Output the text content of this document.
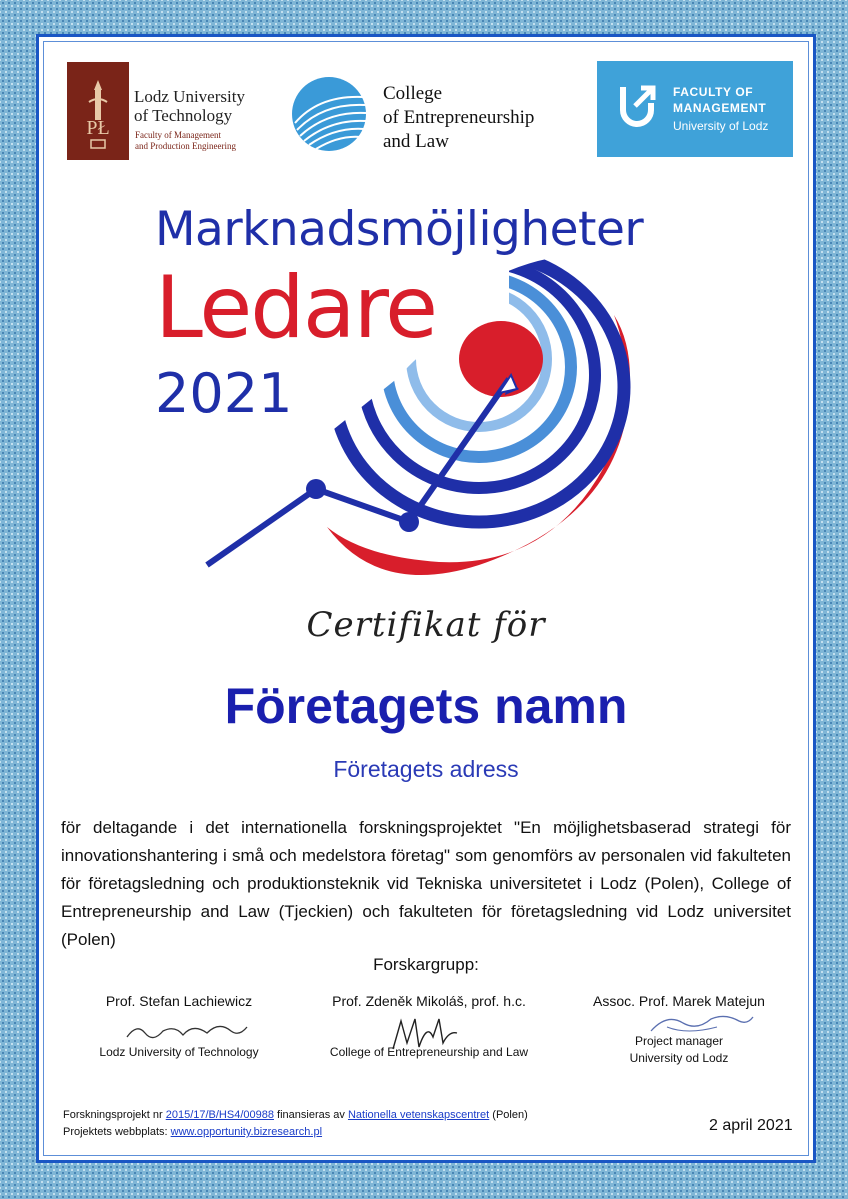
PŁ
Lodz University
of Technology
Faculty of Management
and Production Engineering
College
of Entrepreneurship
and Law
FACULTY OF
MANAGEMENT
University of Lodz
Marknadsmöjligheter
Ledare
2021
Certifikat för
Företagets namn
Företagets adress
för deltagande i det internationella forskningsprojektet "En möjlighetsbaserad strategi för innovationshantering i små och medelstora företag" som genomförs av personalen vid fakulteten för företagsledning och produktionsteknik vid Tekniska universitetet i Lodz (Polen), College of Entrepreneurship and Law (Tjeckien) och fakulteten för företagsledning vid Lodz universitet (Polen)
Forskargrupp:
Prof. Stefan Lachiewicz
Lodz University of Technology
Prof. Zdeněk Mikoláš, prof. h.c.
College of Entrepreneurship and Law
Assoc. Prof. Marek Matejun
Project manager
University od Lodz
Forskningsprojekt nr 2015/17/B/HS4/00988 finansieras av Nationella vetenskapscentret (Polen)
Projektets webbplats: www.opportunity.bizresearch.pl	2 april 2021
